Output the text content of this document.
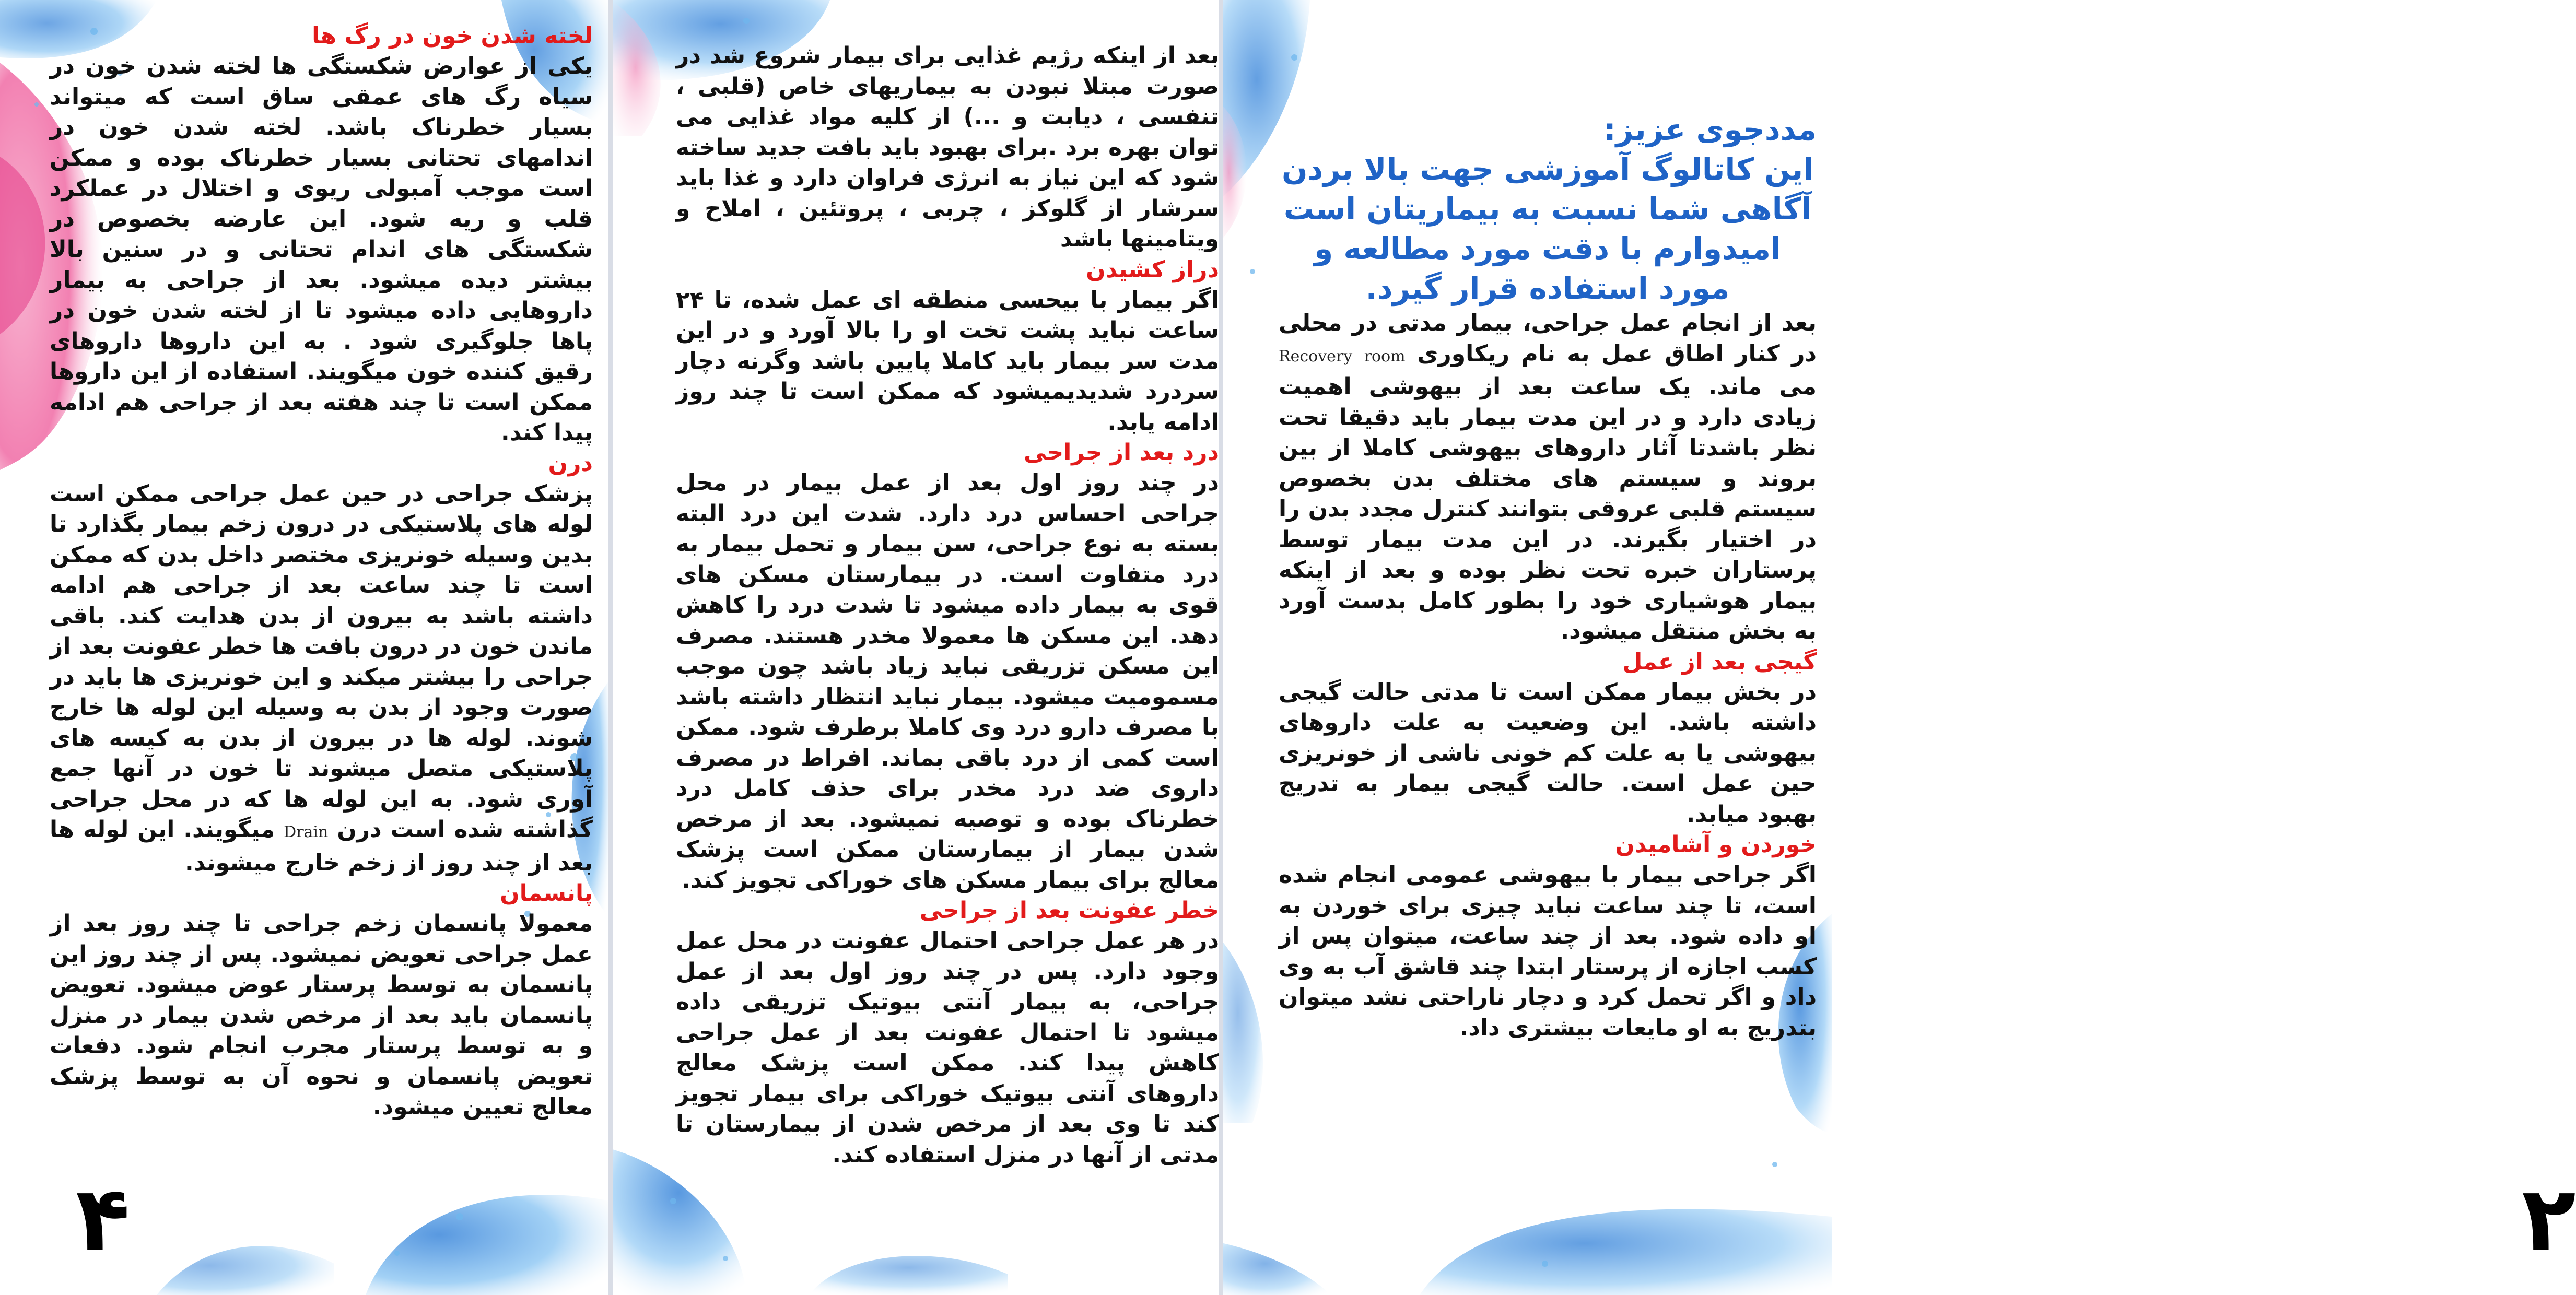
لخته شدن خون در رگ ها

یکی از عوارض شکستگی ها لخته شدن خون در سیاه رگ های عمقی ساق است که میتواند بسیار خطرناک باشد. لخته شدن خون در اندامهای تحتانی بسیار خطرناک بوده و ممکن است موجب آمبولی ریوی و اختلال در عملکرد قلب و ریه شود. این عارضه بخصوص در شکستگی های اندام تحتانی و در سنین بالا بیشتر دیده میشود. بعد از جراحی به بیمار داروهایی داده میشود تا از لخته شدن خون در پاها جلوگیری شود . به این داروها داروهای رقیق کننده خون میگویند. استفاده از این داروها ممکن است تا چند هفته بعد از جراحی هم ادامه پیدا کند.

درن

پزشک جراحی در حین عمل جراحی ممکن است لوله های پلاستیکی در درون زخم بیمار بگذارد تا بدین وسیله خونریزی مختصر داخل بدن که ممکن است تا چند ساعت بعد از جراحی هم ادامه داشته باشد به بیرون از بدن هدایت کند. باقی ماندن خون در درون بافت ها خطر عفونت بعد از جراحی را بیشتر میکند و این خونریزی ها باید در صورت وجود از بدن به وسیله این لوله ها خارج شوند. لوله ها در بیرون از بدن به کیسه های پلاستیکی متصل میشوند تا خون در آنها جمع آوری شود. به این لوله ها که در محل جراحی گذاشته شده است درن Drain میگویند. این لوله ها بعد از چند روز از زخم خارج میشوند.

پانسمان

معمولا پانسمان زخم جراحی تا چند روز بعد از عمل جراحی تعویض نمیشود. پس از چند روز این پانسمان به توسط پرستار عوض میشود. تعویض پانسمان باید بعد از مرخص شدن بیمار در منزل و به توسط پرستار مجرب انجام شود. دفعات تعویض پانسمان و نحوه آن به توسط پزشک معالج تعیین میشود.

۴

بعد از اینکه رژیم غذایی برای بیمار شروع شد در صورت مبتلا نبودن به بیماریهای خاص (قلبی ، تنفسی ، دیابت و ...) از کلیه مواد غذایی می توان بهره برد .برای بهبود باید بافت جدید ساخته شود که این نیاز به انرژی فراوان دارد و غذا باید سرشار از گلوکز ، چربی ، پروتئین ، املاح و ویتامینها باشد

دراز کشیدن

اگر بیمار با بیحسی منطقه ای عمل شده، تا ۲۴ ساعت نباید پشت تخت او را بالا آورد و در این مدت سر بیمار باید کاملا پایین باشد وگرنه دچار سردرد شدیدیمیشود که ممکن است تا چند روز ادامه یابد.

درد بعد از جراحی

در چند روز اول بعد از عمل بیمار در محل جراحی احساس درد دارد. شدت این درد البته بسته به نوع جراحی، سن بیمار و تحمل بیمار به درد متفاوت است. در بیمارستان مسکن های قوی به بیمار داده میشود تا شدت درد را کاهش دهد. این مسکن ها معمولا مخدر هستند. مصرف این مسکن تزریقی نباید زیاد باشد چون موجب مسمومیت میشود. بیمار نباید انتظار داشته باشد با مصرف دارو درد وی کاملا برطرف شود. ممکن است کمی از درد باقی بماند. افراط در مصرف داروی ضد درد مخدر برای حذف کامل درد خطرناک بوده و توصیه نمیشود. بعد از مرخص شدن بیمار از بیمارستان ممکن است پزشک معالج برای بیمار مسکن های خوراکی تجویز کند.

خطر عفونت بعد از جراحی

در هر عمل جراحی احتمال عفونت در محل عمل وجود دارد. پس در چند روز اول بعد از عمل جراحی، به بیمار آنتی بیوتیک تزریقی داده میشود تا احتمال عفونت بعد از عمل جراحی کاهش پیدا کند. ممکن است پزشک معالج داروهای آنتی بیوتیک خوراکی برای بیمار تجویز کند تا وی بعد از مرخص شدن از بیمارستان تا مدتی از آنها در منزل استفاده کند.

مددجوی عزیز:

این کاتالوگ آموزشی جهت بالا بردن آگاهی شما نسبت به بیماریتان است امیدوارم با دقت مورد مطالعه و مورد استفاده قرار گیرد.

بعد از انجام عمل جراحی، بیمار مدتی در محلی در کنار اطاق عمل به نام ریکاوری Recovery room می ماند. یک ساعت بعد از بیهوشی اهمیت زیادی دارد و در این مدت بیمار باید دقیقا تحت نظر باشدتا آثار داروهای بیهوشی کاملا از بین بروند و سیستم های مختلف بدن بخصوص سیستم قلبی عروقی بتوانند کنترل مجدد بدن را در اختیار بگیرند. در این مدت بیمار توسط پرستاران خبره تحت نظر بوده و بعد از اینکه بیمار هوشیاری خود را بطور کامل بدست آورد به بخش منتقل میشود.

گیجی بعد از عمل

در بخش بیمار ممکن است تا مدتی حالت گیجی داشته باشد. این وضعیت به علت داروهای بیهوشی یا به علت کم خونی ناشی از خونریزی حین عمل است. حالت گیجی بیمار به تدریج بهبود میابد.

خوردن و آشامیدن

اگر جراحی بیمار با بیهوشی عمومی انجام شده است، تا چند ساعت نباید چیزی برای خوردن به او داده شود. بعد از چند ساعت، میتوان پس از کسب اجازه از پرستار ابتدا چند قاشق آب به وی داد و اگر تحمل کرد و دچار ناراحتی نشد میتوان بتدریج به او مایعات بیشتری داد.

۲
